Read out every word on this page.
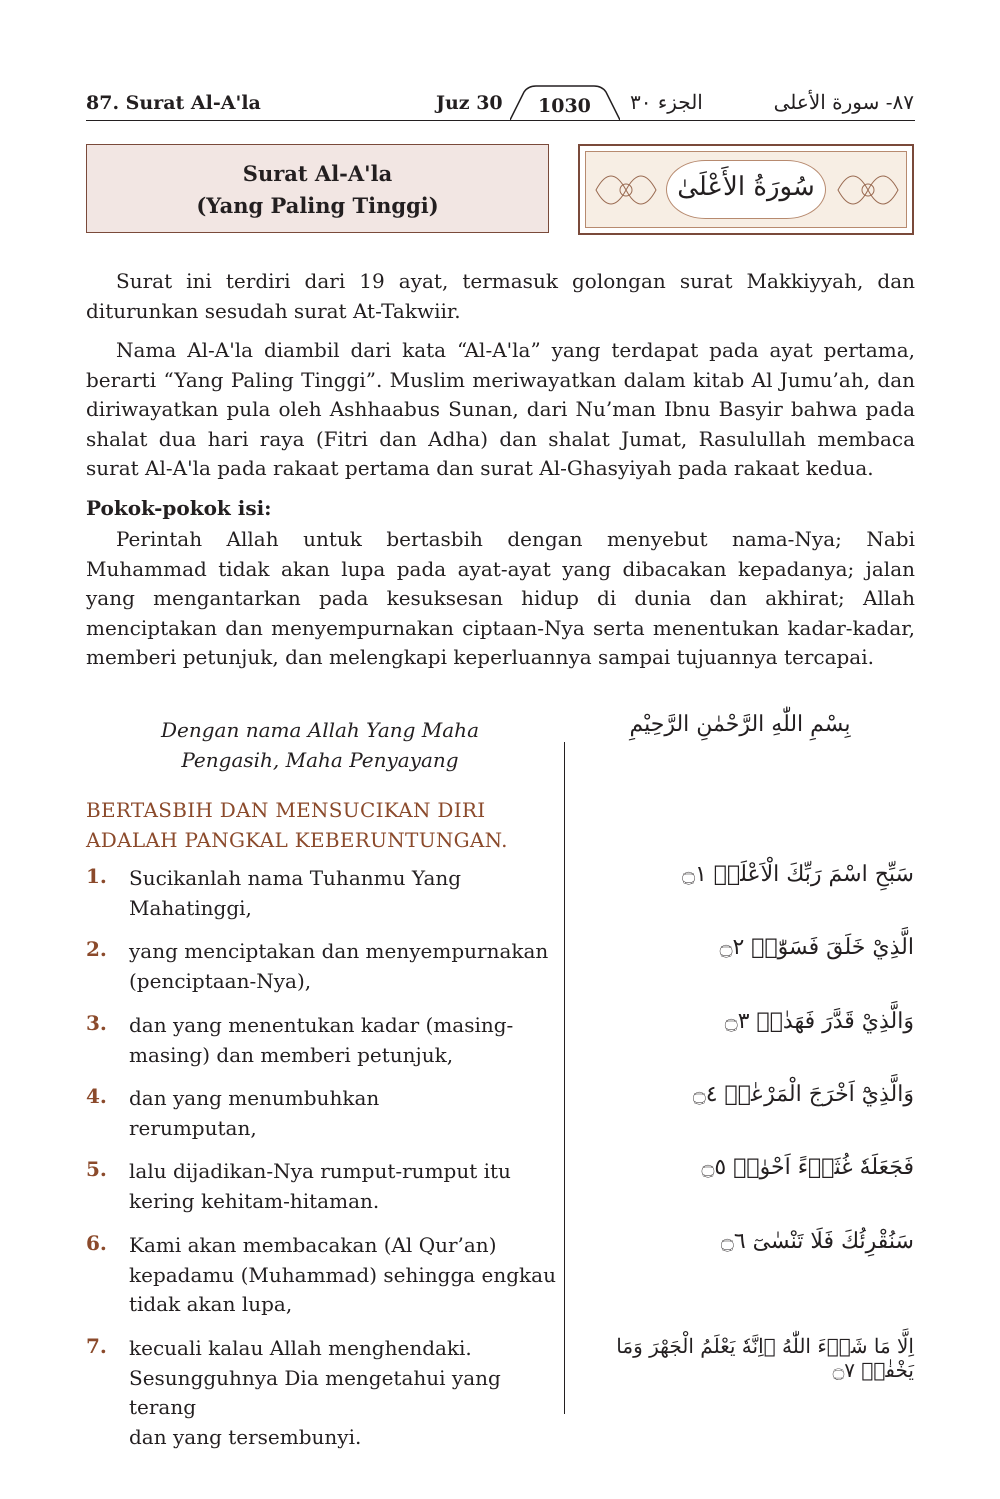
87. Surat Al-A'la	Juz 30 1030 الجزء ٣٠	٨٧- سورة الأعلى
Surat Al-A'la
(Yang Paling Tinggi)
سُورَةُ الأَعْلَىٰ
Surat ini terdiri dari 19 ayat, termasuk golongan surat Makkiyyah, dan diturunkan sesudah surat At-Takwiir.
Nama Al-A'la diambil dari kata “Al-A'la” yang terdapat pada ayat pertama, berarti “Yang Paling Tinggi”. Muslim meriwayatkan dalam kitab Al Jumu’ah, dan diriwayatkan pula oleh Ashhaabus Sunan, dari Nu’man Ibnu Basyir bahwa pada shalat dua hari raya (Fitri dan Adha) dan shalat Jumat, Rasulullah membaca surat Al-A'la pada rakaat pertama dan surat Al-Ghasyiyah pada rakaat kedua.
Pokok-pokok isi:
Perintah Allah untuk bertasbih dengan menyebut nama-Nya; Nabi Muhammad tidak akan lupa pada ayat-ayat yang dibacakan kepadanya; jalan yang mengantarkan pada kesuksesan hidup di dunia dan akhirat; Allah menciptakan dan menyempurnakan ciptaan-Nya serta menentukan kadar-kadar, memberi petunjuk, dan melengkapi keperluannya sampai tujuannya tercapai.
Dengan nama Allah Yang Maha
Pengasih, Maha Penyayang
بِسْمِ اللّٰهِ الرَّحْمٰنِ الرَّحِيْمِ
BERTASBIH DAN MENSUCIKAN DIRI
ADALAH PANGKAL KEBERUNTUNGAN.
1. Sucikanlah nama Tuhanmu Yang
Mahatinggi,
سَبِّحِ اسْمَ رَبِّكَ الْاَعْلَىۙ ۝١
2. yang menciptakan dan menyempurnakan
(penciptaan-Nya),
الَّذِيْ خَلَقَ فَسَوّٰىۖ ۝٢
3. dan yang menentukan kadar (masing-
masing) dan memberi petunjuk,
وَالَّذِيْ قَدَّرَ فَهَدٰىۖ ۝٣
4. dan yang menumbuhkan
rerumputan,
وَالَّذِيْٓ اَخْرَجَ الْمَرْعٰىۖ ۝٤
5. lalu dijadikan-Nya rumput-rumput itu
kering kehitam-hitaman.
فَجَعَلَهٗ غُثَاۤءً اَحْوٰىۗ ۝٥
6. Kami akan membacakan (Al Qur’an)
kepadamu (Muhammad) sehingga engkau
tidak akan lupa,
سَنُقْرِئُكَ فَلَا تَنْسٰىٓ ۝٦
7. kecuali kalau Allah menghendaki.
Sesungguhnya Dia mengetahui yang terang
dan yang tersembunyi.
اِلَّا مَا شَاۤءَ اللّٰهُ ۗاِنَّهٗ يَعْلَمُ الْجَهْرَ وَمَا يَخْفٰىۗ ۝٧
